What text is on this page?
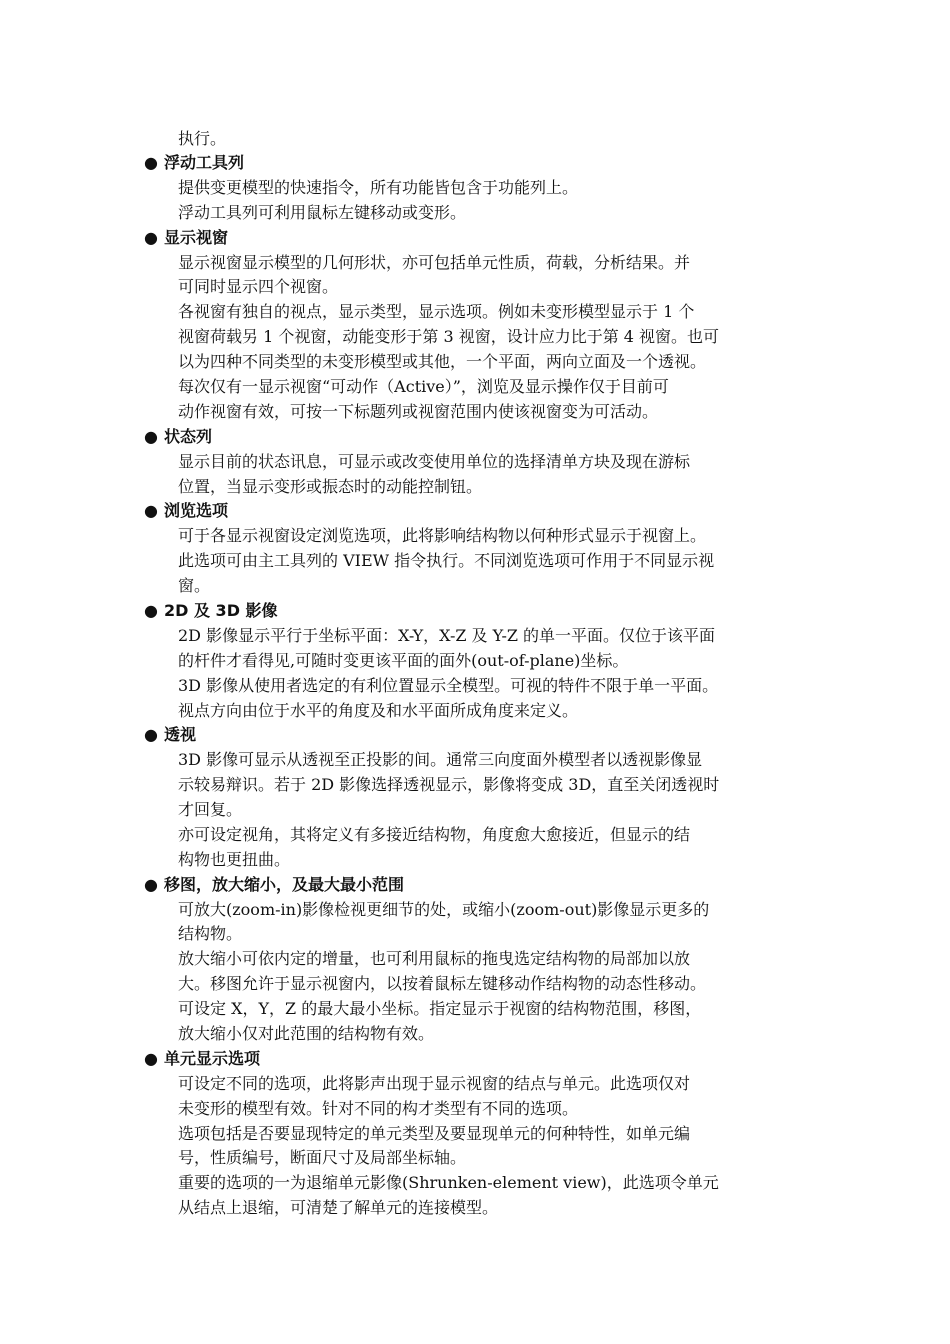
执行。
● 浮动工具列
提供变更模型的快速指令，所有功能皆包含于功能列上。
浮动工具列可利用鼠标左键移动或变形。
● 显示视窗
显示视窗显示模型的几何形状，亦可包括单元性质，荷载，分析结果。并
可同时显示四个视窗。
各视窗有独自的视点，显示类型，显示选项。例如未变形模型显示于 1 个
视窗荷载另 1 个视窗，动能变形于第 3 视窗，设计应力比于第 4 视窗。也可
以为四种不同类型的未变形模型或其他，一个平面，两向立面及一个透视。
每次仅有一显示视窗“可动作（Active）”，浏览及显示操作仅于目前可
动作视窗有效，可按一下标题列或视窗范围内使该视窗变为可活动。
● 状态列
显示目前的状态讯息，可显示或改变使用单位的选择清单方块及现在游标
位置，当显示变形或振态时的动能控制钮。
● 浏览选项
可于各显示视窗设定浏览选项，此将影响结构物以何种形式显示于视窗上。
此选项可由主工具列的 VIEW 指令执行。不同浏览选项可作用于不同显示视
窗。
● 2D 及 3D 影像
2D 影像显示平行于坐标平面：X-Y，X-Z 及 Y-Z 的单一平面。仅位于该平面
的杆件才看得见,可随时变更该平面的面外(out-of-plane)坐标。
3D 影像从使用者选定的有利位置显示全模型。可视的特件不限于单一平面。
视点方向由位于水平的角度及和水平面所成角度来定义。
● 透视
3D 影像可显示从透视至正投影的间。通常三向度面外模型者以透视影像显
示较易辩识。若于 2D 影像选择透视显示，影像将变成 3D，直至关闭透视时
才回复。
亦可设定视角，其将定义有多接近结构物，角度愈大愈接近，但显示的结
构物也更扭曲。
● 移图，放大缩小，及最大最小范围
可放大(zoom-in)影像检视更细节的处，或缩小(zoom-out)影像显示更多的
结构物。
放大缩小可依内定的增量，也可利用鼠标的拖曳选定结构物的局部加以放
大。移图允许于显示视窗内，以按着鼠标左键移动作结构物的动态性移动。
可设定 X，Y，Z 的最大最小坐标。指定显示于视窗的结构物范围，移图，
放大缩小仅对此范围的结构物有效。
● 单元显示选项
可设定不同的选项，此将影声出现于显示视窗的结点与单元。此选项仅对
未变形的模型有效。针对不同的构才类型有不同的选项。
选项包括是否要显现特定的单元类型及要显现单元的何种特性，如单元编
号，性质编号，断面尺寸及局部坐标轴。
重要的选项的一为退缩单元影像(Shrunken-element view)，此选项令单元
从结点上退缩，可清楚了解单元的连接模型。
